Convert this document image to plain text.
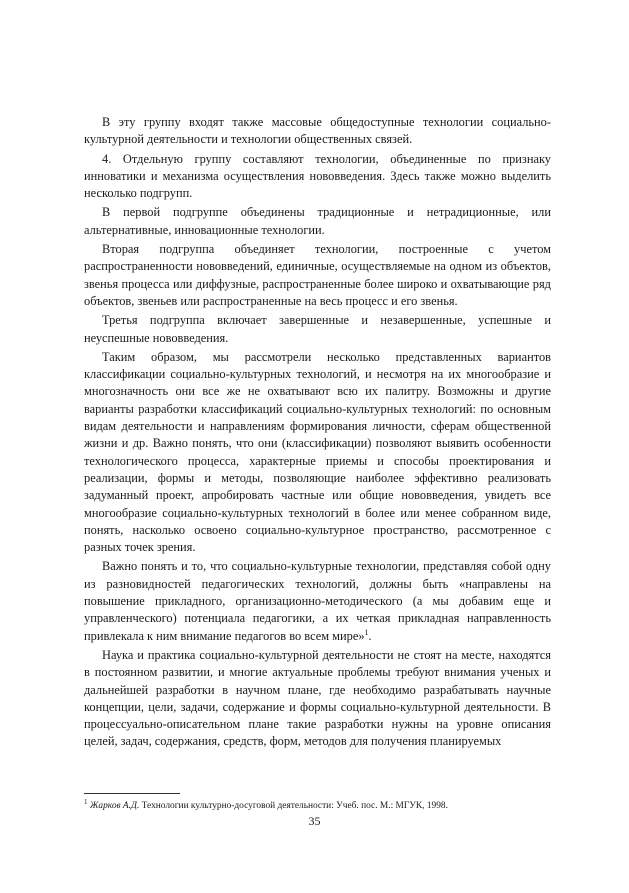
В эту группу входят также массовые общедоступные технологии социально-культурной деятельности и технологии общественных связей.

4. Отдельную группу составляют технологии, объединенные по признаку инноватики и механизма осуществления нововведения. Здесь также можно выделить несколько подгрупп.

В первой подгруппе объединены традиционные и нетрадиционные, или альтернативные, инновационные технологии.

Вторая подгруппа объединяет технологии, построенные с учетом распространенности нововведений, единичные, осуществляемые на одном из объектов, звенья процесса или диффузные, распространенные более широко и охватывающие ряд объектов, звеньев или распространенные на весь процесс и его звенья.

Третья подгруппа включает завершенные и незавершенные, успешные и неуспешные нововведения.

Таким образом, мы рассмотрели несколько представленных вариантов классификации социально-культурных технологий, и несмотря на их многообразие и многозначность они все же не охватывают всю их палитру. Возможны и другие варианты разработки классификаций социально-культурных технологий: по основным видам деятельности и направлениям формирования личности, сферам общественной жизни и др. Важно понять, что они (классификации) позволяют выявить особенности технологического процесса, характерные приемы и способы проектирования и реализации, формы и методы, позволяющие наиболее эффективно реализовать задуманный проект, апробировать частные или общие нововведения, увидеть все многообразие социально-культурных технологий в более или менее собранном виде, понять, насколько освоено социально-культурное пространство, рассмотренное с разных точек зрения.

Важно понять и то, что социально-культурные технологии, представляя собой одну из разновидностей педагогических технологий, должны быть «направлены на повышение прикладного, организационно-методического (а мы добавим еще и управленческого) потенциала педагогики, а их четкая прикладная направленность привлекала к ним внимание педагогов во всем мире»$^1$.

Наука и практика социально-культурной деятельности не стоят на месте, находятся в постоянном развитии, и многие актуальные проблемы требуют внимания ученых и дальнейшей разработки в научном плане, где необходимо разрабатывать научные концепции, цели, задачи, содержание и формы социально-культурной деятельности. В процессуально-описательном плане такие разработки нужны на уровне описания целей, задач, содержания, средств, форм, методов для получения планируемых

$^1$ Жарков А.Д. Технологии культурно-досуговой деятельности: Учеб. пос. М.: МГУК, 1998.
35
